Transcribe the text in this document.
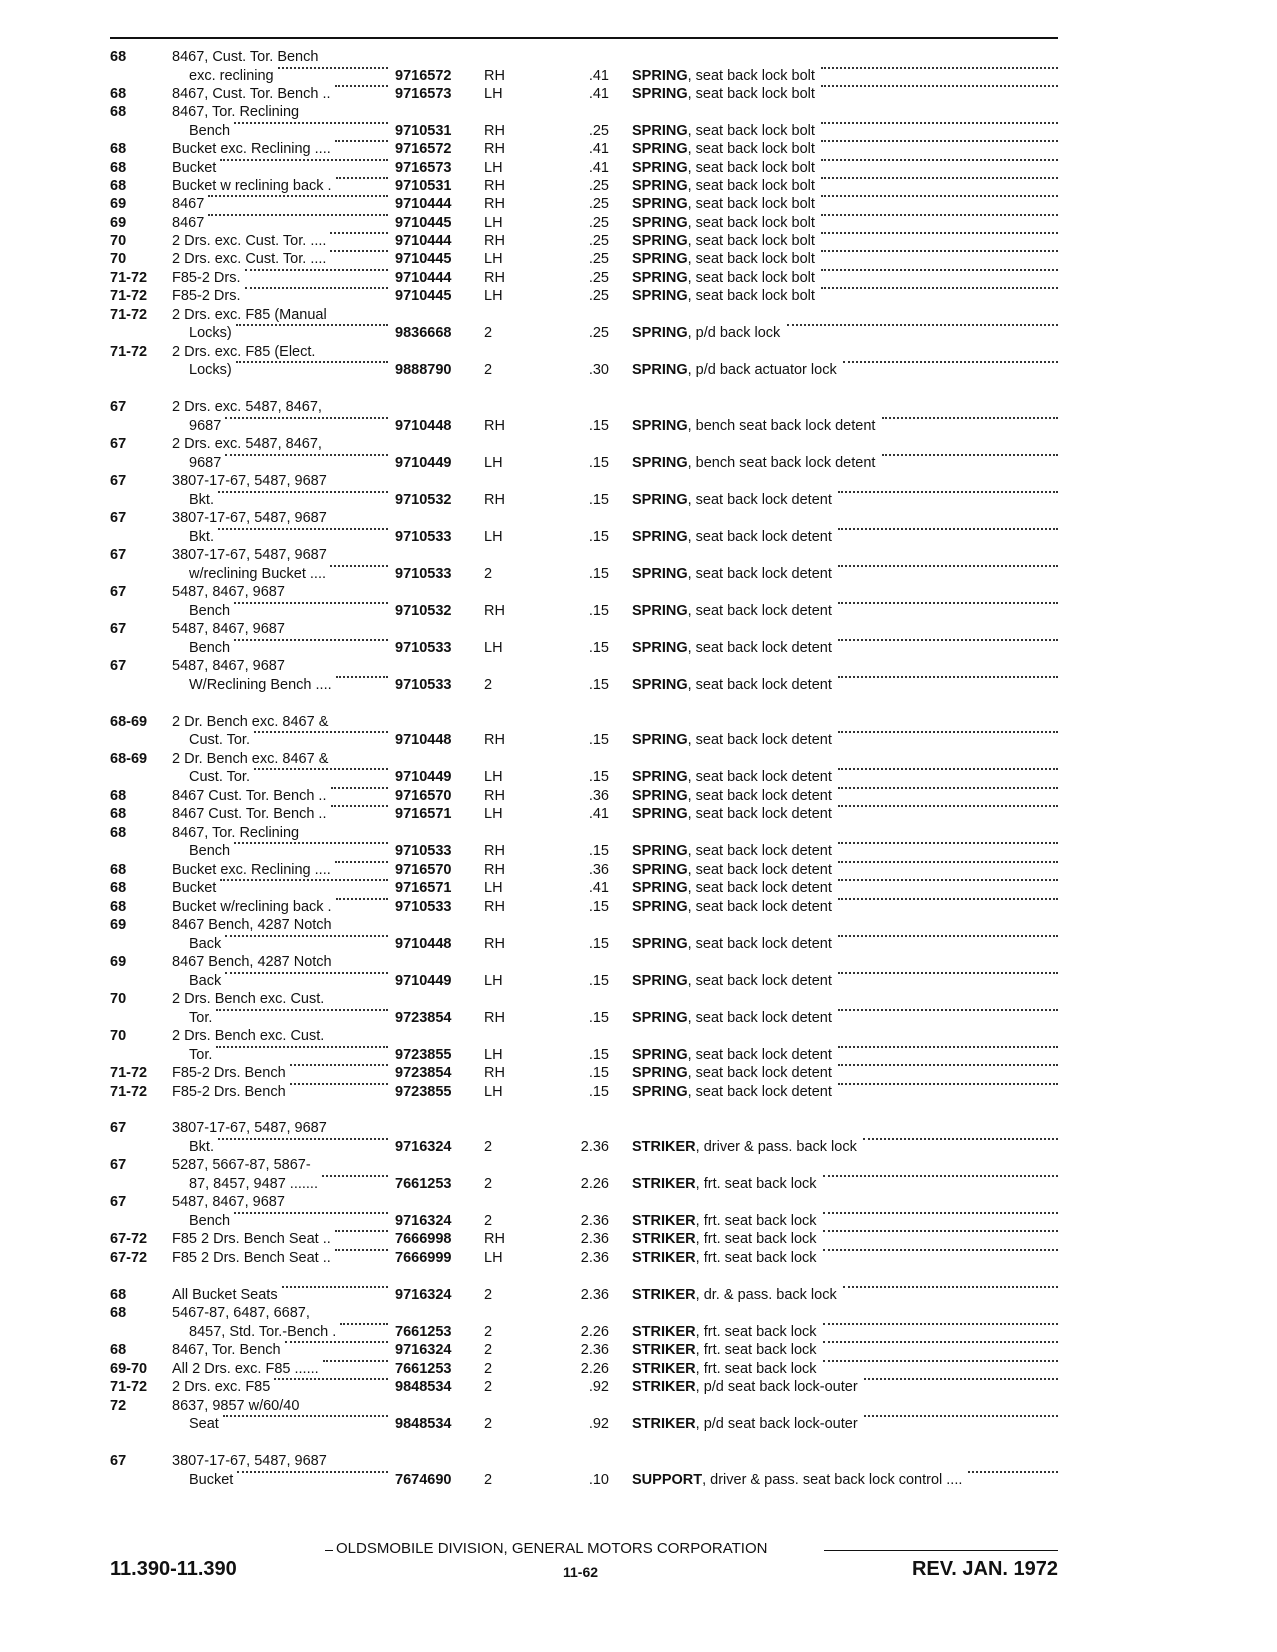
68	8467, Cust. Tor. Bench
exc. reclining	9716572 RH	.41 SPRING, seat back lock bolt
68	8467, Cust. Tor. Bench ..	9716573 LH	.41 SPRING, seat back lock bolt
68	8467, Tor. Reclining
Bench	9710531 RH	.25 SPRING, seat back lock bolt
68	Bucket exc. Reclining ....	9716572 RH	.41 SPRING, seat back lock bolt
68	Bucket	9716573 LH	.41 SPRING, seat back lock bolt
68	Bucket w reclining back .	9710531 RH	.25 SPRING, seat back lock bolt
69	8467	9710444 RH	.25 SPRING, seat back lock bolt
69	8467	9710445 LH	.25 SPRING, seat back lock bolt
70	2 Drs. exc. Cust. Tor. ....	9710444 RH	.25 SPRING, seat back lock bolt
70	2 Drs. exc. Cust. Tor. ....	9710445 LH	.25 SPRING, seat back lock bolt
71-72 F85-2 Drs.	9710444 RH	.25 SPRING, seat back lock bolt
71-72 F85-2 Drs.	9710445 LH	.25 SPRING, seat back lock bolt
71-72 2 Drs. exc. F85 (Manual
Locks)	9836668 2	.25 SPRING, p/d back lock
71-72 2 Drs. exc. F85 (Elect.
Locks)	9888790 2	.30 SPRING, p/d back actuator lock
67	2 Drs. exc. 5487, 8467,
9687	9710448 RH	.15 SPRING, bench seat back lock detent
67	2 Drs. exc. 5487, 8467,
9687	9710449 LH	.15 SPRING, bench seat back lock detent
67	3807-17-67, 5487, 9687
Bkt.	9710532 RH	.15 SPRING, seat back lock detent
67	3807-17-67, 5487, 9687
Bkt.	9710533 LH	.15 SPRING, seat back lock detent
67	3807-17-67, 5487, 9687
w/reclining Bucket ....	9710533 2	.15 SPRING, seat back lock detent
67	5487, 8467, 9687
Bench	9710532 RH	.15 SPRING, seat back lock detent
67	5487, 8467, 9687
Bench	9710533 LH	.15 SPRING, seat back lock detent
67	5487, 8467, 9687
W/Reclining Bench ....	9710533 2	.15 SPRING, seat back lock detent
68-69 2 Dr. Bench exc. 8467 &
Cust. Tor.	9710448 RH	.15 SPRING, seat back lock detent
68-69 2 Dr. Bench exc. 8467 &
Cust. Tor.	9710449 LH	.15 SPRING, seat back lock detent
68	8467 Cust. Tor. Bench ..	9716570 RH	.36 SPRING, seat back lock detent
68	8467 Cust. Tor. Bench ..	9716571 LH	.41 SPRING, seat back lock detent
68	8467, Tor. Reclining
Bench	9710533 RH	.15 SPRING, seat back lock detent
68	Bucket exc. Reclining ....	9716570 RH	.36 SPRING, seat back lock detent
68	Bucket	9716571 LH	.41 SPRING, seat back lock detent
68	Bucket w/reclining back .	9710533 RH	.15 SPRING, seat back lock detent
69	8467 Bench, 4287 Notch
Back	9710448 RH	.15 SPRING, seat back lock detent
69	8467 Bench, 4287 Notch
Back	9710449 LH	.15 SPRING, seat back lock detent
70	2 Drs. Bench exc. Cust.
Tor.	9723854 RH	.15 SPRING, seat back lock detent
70	2 Drs. Bench exc. Cust.
Tor.	9723855 LH	.15 SPRING, seat back lock detent
71-72 F85-2 Drs. Bench	9723854 RH	.15 SPRING, seat back lock detent
71-72 F85-2 Drs. Bench	9723855 LH	.15 SPRING, seat back lock detent
67	3807-17-67, 5487, 9687
Bkt.	9716324 2	2.36 STRIKER, driver & pass. back lock
67	5287, 5667-87, 5867-
87, 8457, 9487 .......	7661253 2	2.26 STRIKER, frt. seat back lock
67	5487, 8467, 9687
Bench	9716324 2	2.36 STRIKER, frt. seat back lock
67-72 F85 2 Drs. Bench Seat ..	7666998 RH	2.36 STRIKER, frt. seat back lock
67-72 F85 2 Drs. Bench Seat ..	7666999 LH	2.36 STRIKER, frt. seat back lock
68	All Bucket Seats	9716324 2	2.36 STRIKER, dr. & pass. back lock
68	5467-87, 6487, 6687,
8457, Std. Tor.-Bench .	7661253 2	2.26 STRIKER, frt. seat back lock
68	8467, Tor. Bench	9716324 2	2.36 STRIKER, frt. seat back lock
69-70 All 2 Drs. exc. F85 ......	7661253 2	2.26 STRIKER, frt. seat back lock
71-72 2 Drs. exc. F85	9848534 2	.92 STRIKER, p/d seat back lock-outer
72	8637, 9857 w/60/40
Seat	9848534 2	.92 STRIKER, p/d seat back lock-outer
67	3807-17-67, 5487, 9687
Bucket	7674690 2	.10 SUPPORT, driver & pass. seat back lock control ....
OLDSMOBILE DIVISION, GENERAL MOTORS CORPORATION
11.390-11.390	11-62	REV. JAN. 1972
